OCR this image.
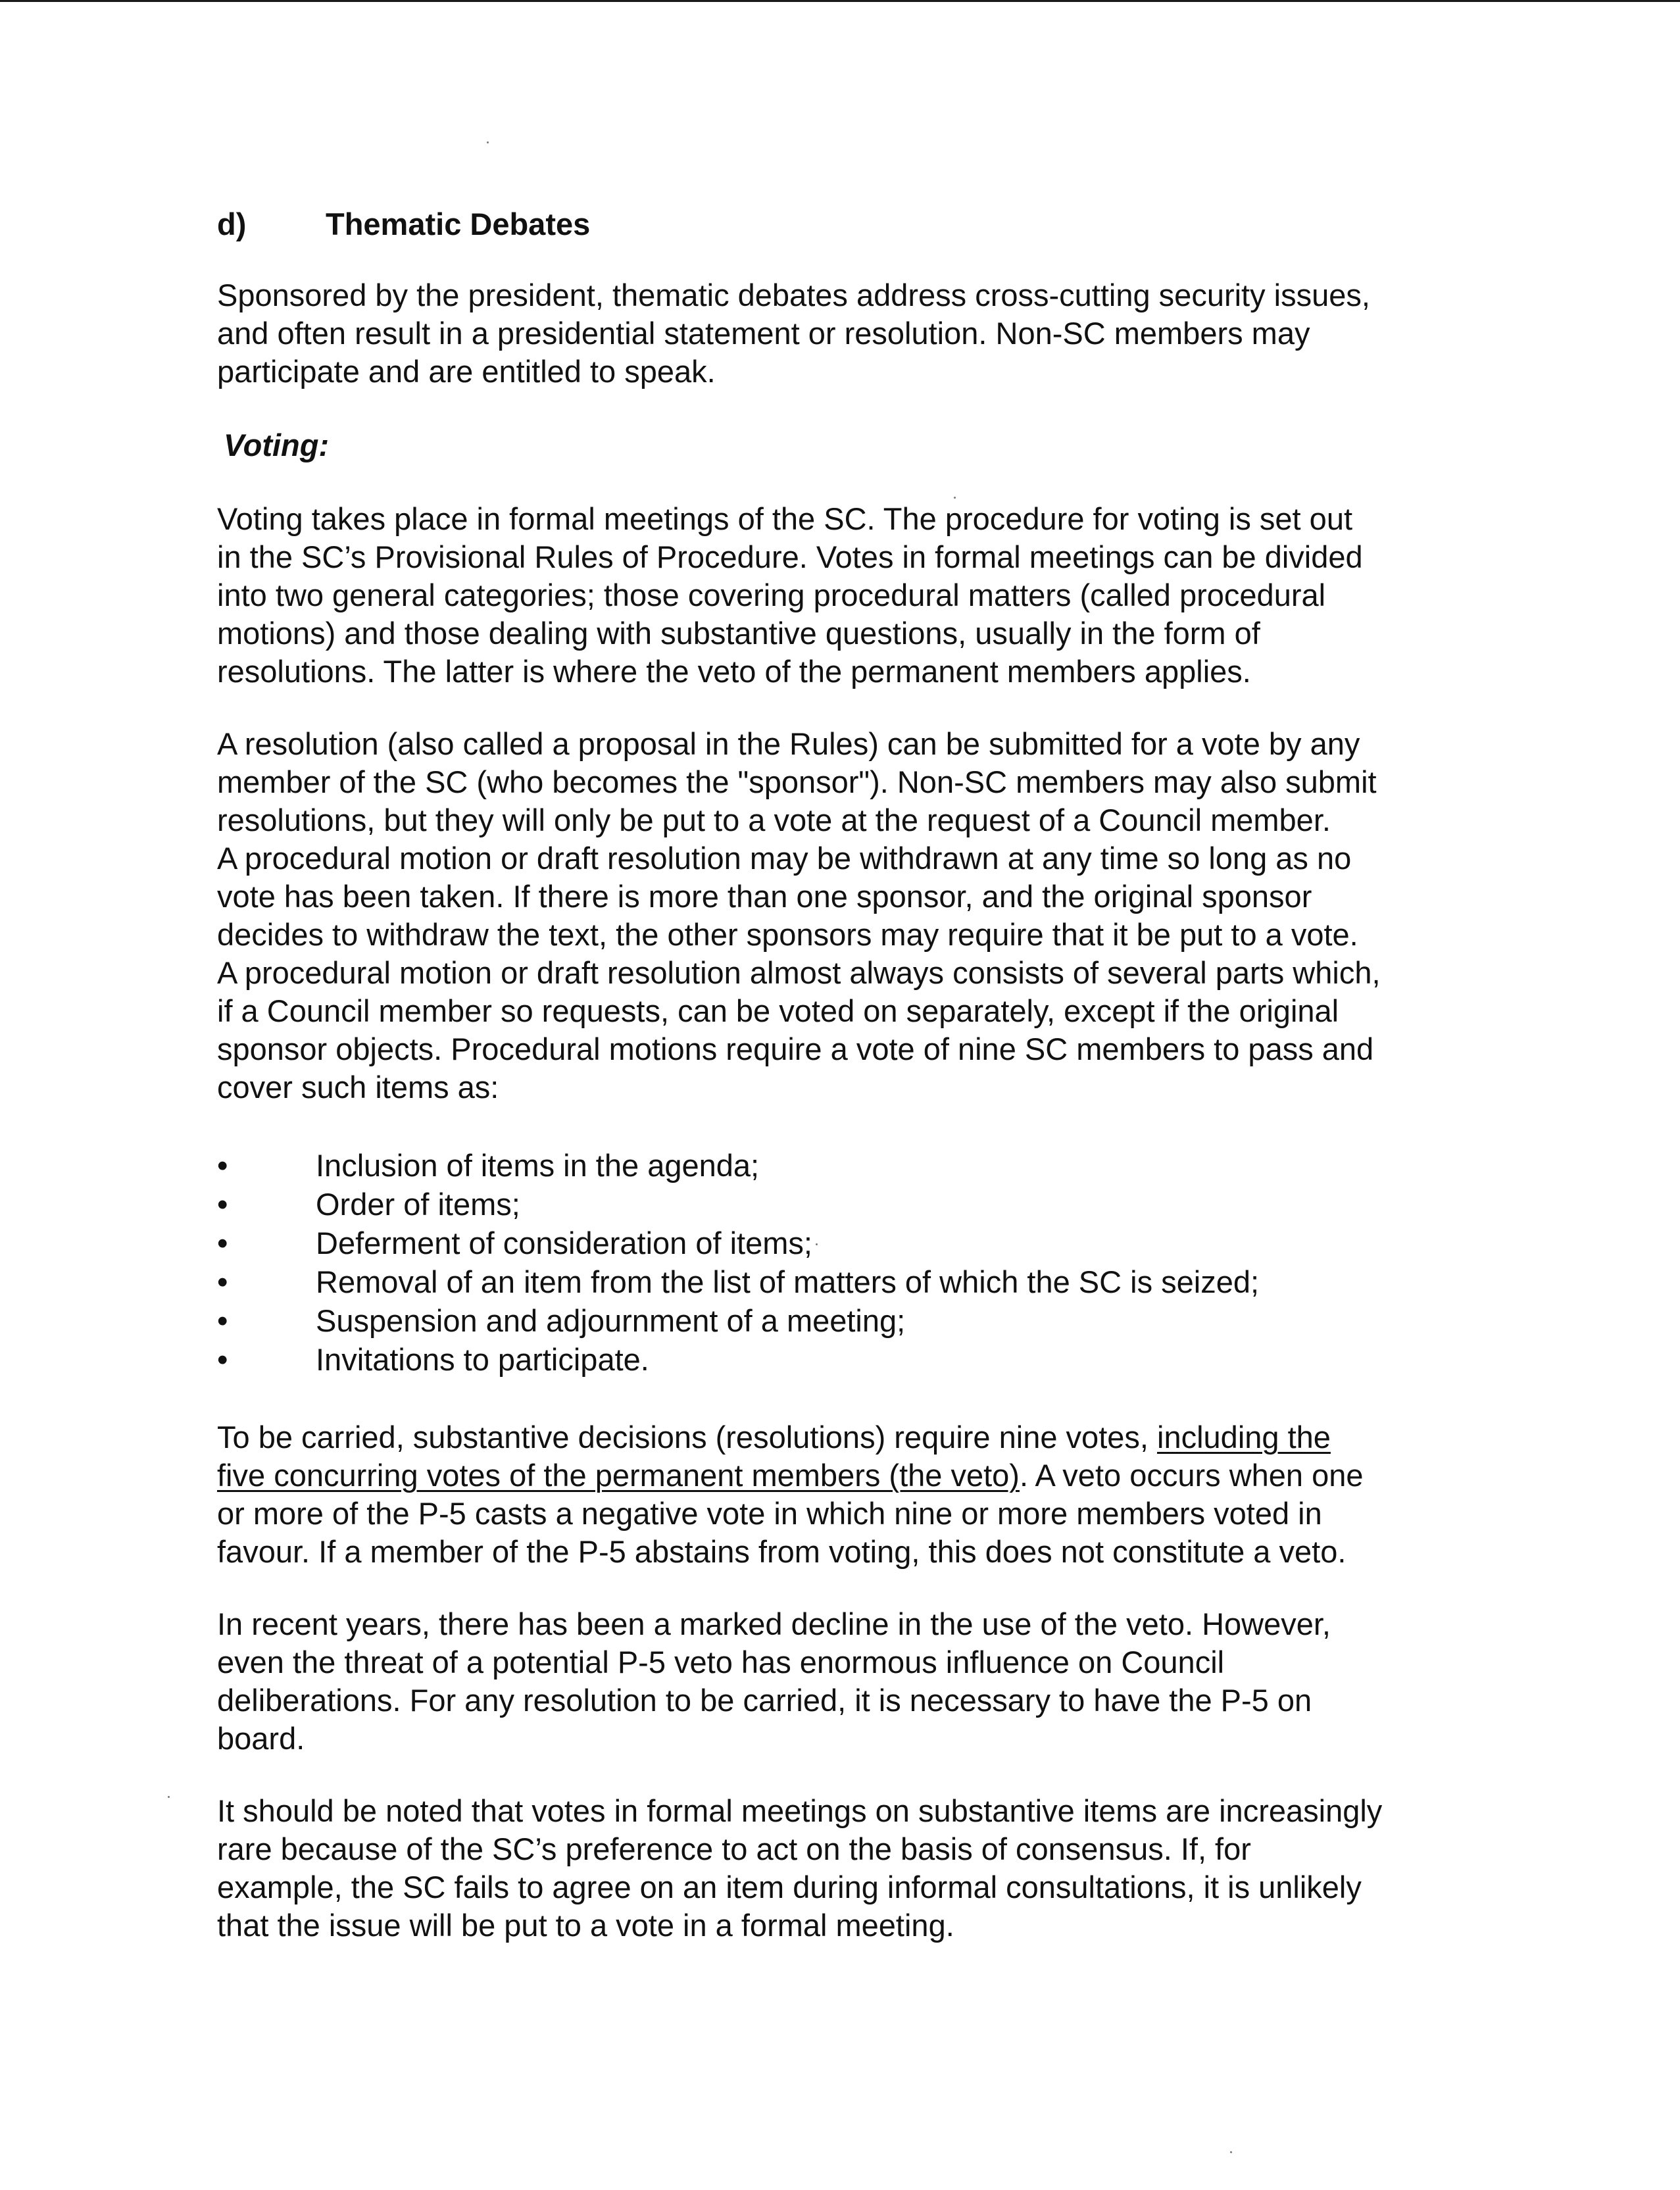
d)	Thematic Debates

Sponsored by the president, thematic debates address cross-cutting security issues,
and often result in a presidential statement or resolution. Non-SC members may
participate and are entitled to speak.

Voting:

Voting takes place in formal meetings of the SC. The procedure for voting is set out
in the SC’s Provisional Rules of Procedure. Votes in formal meetings can be divided
into two general categories; those covering procedural matters (called procedural
motions) and those dealing with substantive questions, usually in the form of
resolutions. The latter is where the veto of the permanent members applies.

A resolution (also called a proposal in the Rules) can be submitted for a vote by any
member of the SC (who becomes the "sponsor"). Non-SC members may also submit
resolutions, but they will only be put to a vote at the request of a Council member.
A procedural motion or draft resolution may be withdrawn at any time so long as no
vote has been taken. If there is more than one sponsor, and the original sponsor
decides to withdraw the text, the other sponsors may require that it be put to a vote.
A procedural motion or draft resolution almost always consists of several parts which,
if a Council member so requests, can be voted on separately, except if the original
sponsor objects. Procedural motions require a vote of nine SC members to pass and
cover such items as:

•	Inclusion of items in the agenda;
•	Order of items;
•	Deferment of consideration of items;
•	Removal of an item from the list of matters of which the SC is seized;
•	Suspension and adjournment of a meeting;
•	Invitations to participate.

To be carried, substantive decisions (resolutions) require nine votes, including the
five concurring votes of the permanent members (the veto). A veto occurs when one
or more of the P-5 casts a negative vote in which nine or more members voted in
favour. If a member of the P-5 abstains from voting, this does not constitute a veto.

In recent years, there has been a marked decline in the use of the veto. However,
even the threat of a potential P-5 veto has enormous influence on Council
deliberations. For any resolution to be carried, it is necessary to have the P-5 on
board.

It should be noted that votes in formal meetings on substantive items are increasingly
rare because of the SC’s preference to act on the basis of consensus. If, for
example, the SC fails to agree on an item during informal consultations, it is unlikely
that the issue will be put to a vote in a formal meeting.
